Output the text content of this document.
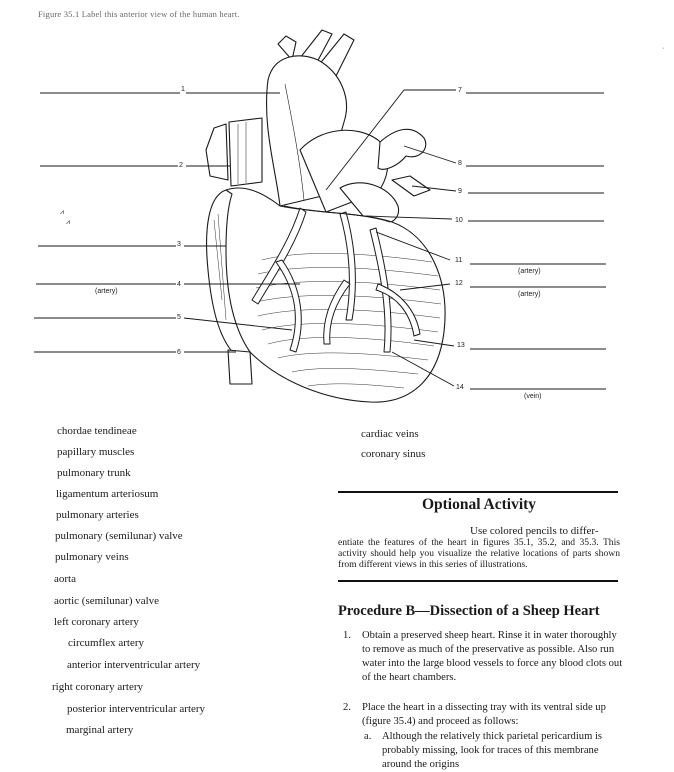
Figure 35.1 Label this anterior view of the human heart.
1
2
3
4
5
6
7
8
9
10
11
12
13
14
(artery)
(artery)
(artery)
(vein)
⩘
⩘
·
chordae tendineae
papillary muscles
pulmonary trunk
ligamentum arteriosum
pulmonary arteries
pulmonary (semilunar) valve
pulmonary veins
aorta
aortic (semilunar) valve
left coronary artery
circumflex artery
anterior interventricular artery
right coronary artery
posterior interventricular artery
marginal artery
cardiac veins
coronary sinus
Optional Activity

Use colored pencils to differ-
entiate the features of the heart in figures 35.1, 35.2, and 35.3. This activity should help you visualize the relative locations of parts shown from different views in this series of illustrations.

Procedure B—Dissection of a Sheep Heart
1. Obtain a preserved sheep heart. Rinse it in water thoroughly to remove as much of the preservative as possible. Also run water into the large blood vessels to force any blood clots out of the heart chambers.
2. Place the heart in a dissecting tray with its ventral side up (figure 35.4) and proceed as follows:
a. Although the relatively thick parietal pericardium is probably missing, look for traces of this membrane around the origins
